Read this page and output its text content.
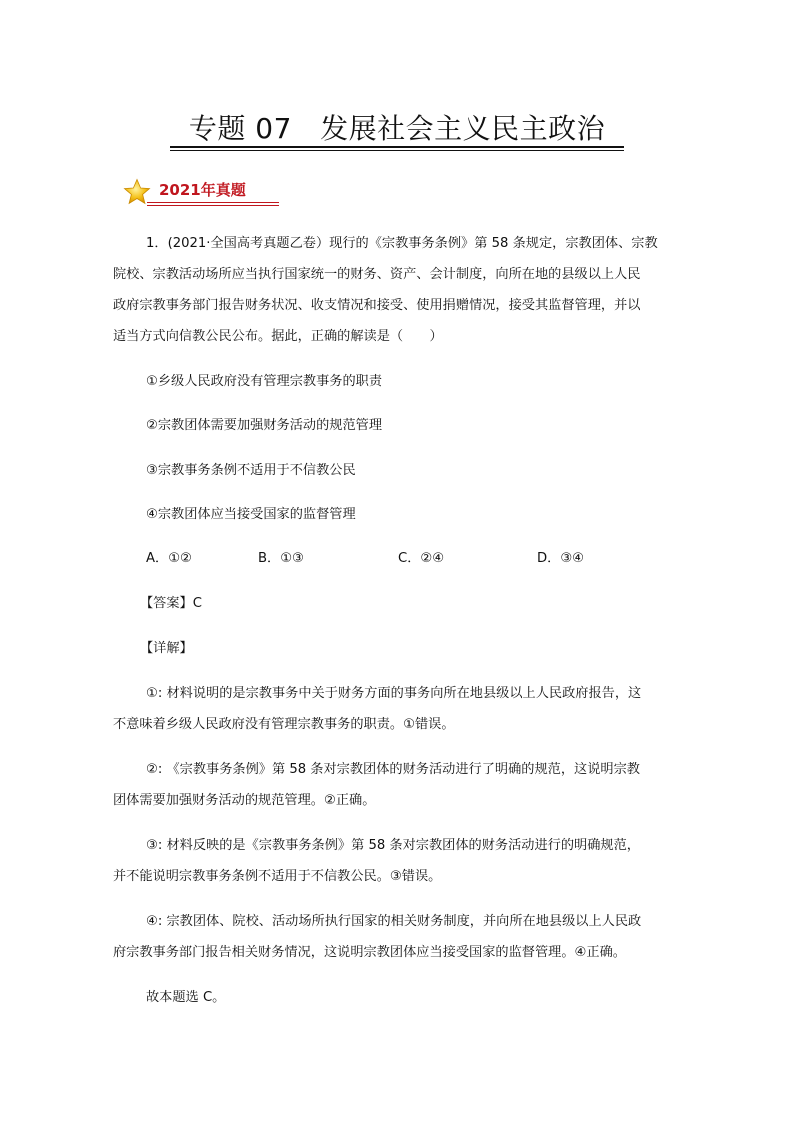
专题 07   发展社会主义民主政治
2021年真题
1．(2021·全国高考真题乙卷）现行的《宗教事务条例》第 58 条规定，宗教团体、宗教
院校、宗教活动场所应当执行国家统一的财务、资产、会计制度，向所在地的县级以上人民
政府宗教事务部门报告财务状况、收支情况和接受、使用捐赠情况，接受其监督管理，并以
适当方式向信教公民公布。据此，正确的解读是（　　）
①乡级人民政府没有管理宗教事务的职责
②宗教团体需要加强财务活动的规范管理
③宗教事务条例不适用于不信教公民
④宗教团体应当接受国家的监督管理
A．①②	B．①③	C．②④	D．③④
【答案】C
【详解】
①: 材料说明的是宗教事务中关于财务方面的事务向所在地县级以上人民政府报告，这
不意味着乡级人民政府没有管理宗教事务的职责。①错误。
②: 《宗教事务条例》第 58 条对宗教团体的财务活动进行了明确的规范，这说明宗教
团体需要加强财务活动的规范管理。②正确。
③: 材料反映的是《宗教事务条例》第 58 条对宗教团体的财务活动进行的明确规范，
并不能说明宗教事务条例不适用于不信教公民。③错误。
④: 宗教团体、院校、活动场所执行国家的相关财务制度，并向所在地县级以上人民政
府宗教事务部门报告相关财务情况，这说明宗教团体应当接受国家的监督管理。④正确。
故本题选 C。
